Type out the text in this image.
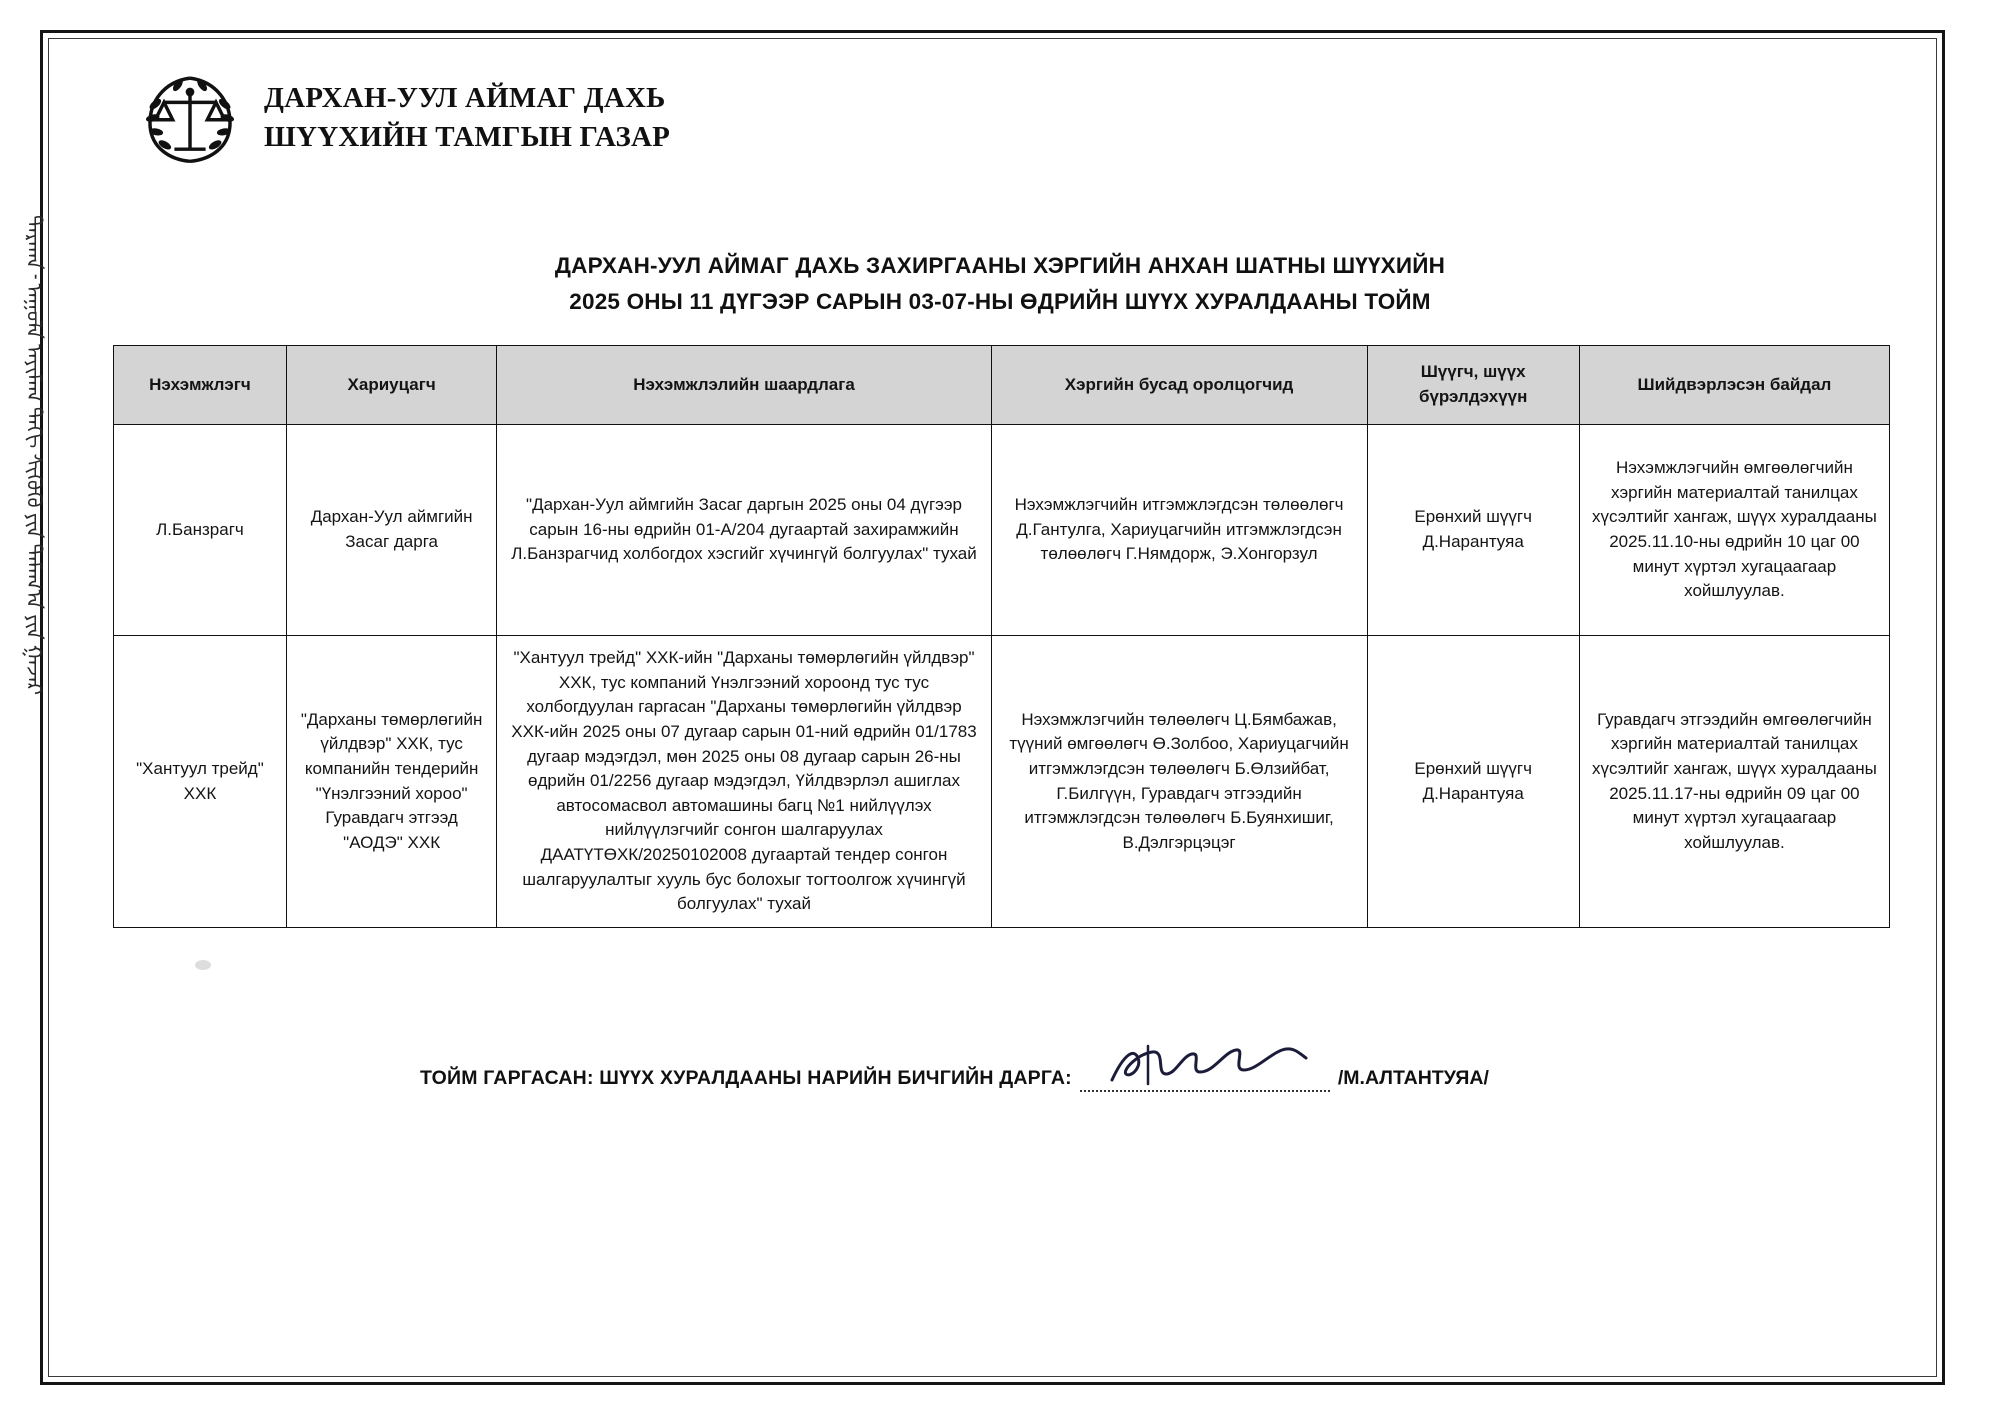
ᠳᠠᠷᠬᠠᠨ ᠊ ᠠᠭᠤᠯᠠ ᠠᠶᠢᠮᠠᠭ ᠲᠠᠬᠢ ᠰᠢᠭᠦᠬᠦ ᠶᠢᠨ ᠲᠠᠮᠠᠭ᠎ᠠ ᠶᠢᠨ ᠭᠠᠵᠠᠷ
ДАРХАН-УУЛ АЙМАГ ДАХЬ
ШҮҮХИЙН ТАМГЫН ГАЗАР
ДАРХАН-УУЛ АЙМАГ ДАХЬ ЗАХИРГААНЫ ХЭРГИЙН АНХАН ШАТНЫ ШҮҮХИЙН
2025 ОНЫ 11 ДҮГЭЭР САРЫН 03-07-НЫ ӨДРИЙН ШҮҮХ ХУРАЛДААНЫ ТОЙМ
Нэхэмжлэгч	Хариуцагч	Нэхэмжлэлийн шаардлага	Хэргийн бусад оролцогчид	Шүүгч, шүүх бүрэлдэхүүн	Шийдвэрлэсэн байдал
Л.Банзрагч	Дархан-Уул аймгийн Засаг дарга	"Дархан-Уул аймгийн Засаг даргын 2025 оны 04 дүгээр сарын 16-ны өдрийн 01-А/204 дугаартай захирамжийн Л.Банзрагчид холбогдох хэсгийг хүчингүй болгуулах" тухай	Нэхэмжлэгчийн итгэмжлэгдсэн төлөөлөгч Д.Гантулга, Хариуцагчийн итгэмжлэгдсэн төлөөлөгч Г.Нямдорж, Э.Хонгорзул	Ерөнхий шүүгч Д.Нарантуяа	Нэхэмжлэгчийн өмгөөлөгчийн хэргийн материалтай танилцах хүсэлтийг хангаж, шүүх хуралдааны 2025.11.10-ны өдрийн 10 цаг 00 минут хүртэл хугацаагаар хойшлуулав.
"Хантуул трейд" ХХК	"Дарханы төмөрлөгийн үйлдвэр" ХХК, тус компанийн тендерийн "Үнэлгээний хороо" Гуравдагч этгээд "АОДЭ" ХХК	"Хантуул трейд" ХХК-ийн "Дарханы төмөрлөгийн үйлдвэр" ХХК, тус компаний Үнэлгээний хороонд тус тус холбогдуулан гаргасан "Дарханы төмөрлөгийн үйлдвэр ХХК-ийн 2025 оны 07 дугаар сарын 01-ний өдрийн 01/1783 дугаар мэдэгдэл, мөн 2025 оны 08 дугаар сарын 26-ны өдрийн 01/2256 дугаар мэдэгдэл, Үйлдвэрлэл ашиглах автосомасвол автомашины багц №1 нийлүүлэх нийлүүлэгчийг сонгон шалгаруулах ДААТҮТӨХК/20250102008 дугаартай тендер сонгон шалгаруулалтыг хууль бус болохыг тогтоолгож хүчингүй болгуулах" тухай	Нэхэмжлэгчийн төлөөлөгч Ц.Бямбажав, түүний өмгөөлөгч Ө.Золбоо, Хариуцагчийн итгэмжлэгдсэн төлөөлөгч Б.Өлзийбат, Г.Билгүүн, Гуравдагч этгээдийн итгэмжлэгдсэн төлөөлөгч Б.Буянхишиг, В.Дэлгэрцэцэг	Ерөнхий шүүгч Д.Нарантуяа	Гуравдагч этгээдийн өмгөөлөгчийн хэргийн материалтай танилцах хүсэлтийг хангаж, шүүх хуралдааны 2025.11.17-ны өдрийн 09 цаг 00 минут хүртэл хугацаагаар хойшлуулав.
ТОЙМ ГАРГАСАН: ШҮҮХ ХУРАЛДААНЫ НАРИЙН БИЧГИЙН ДАРГА:	/М.АЛТАНТУЯА/
